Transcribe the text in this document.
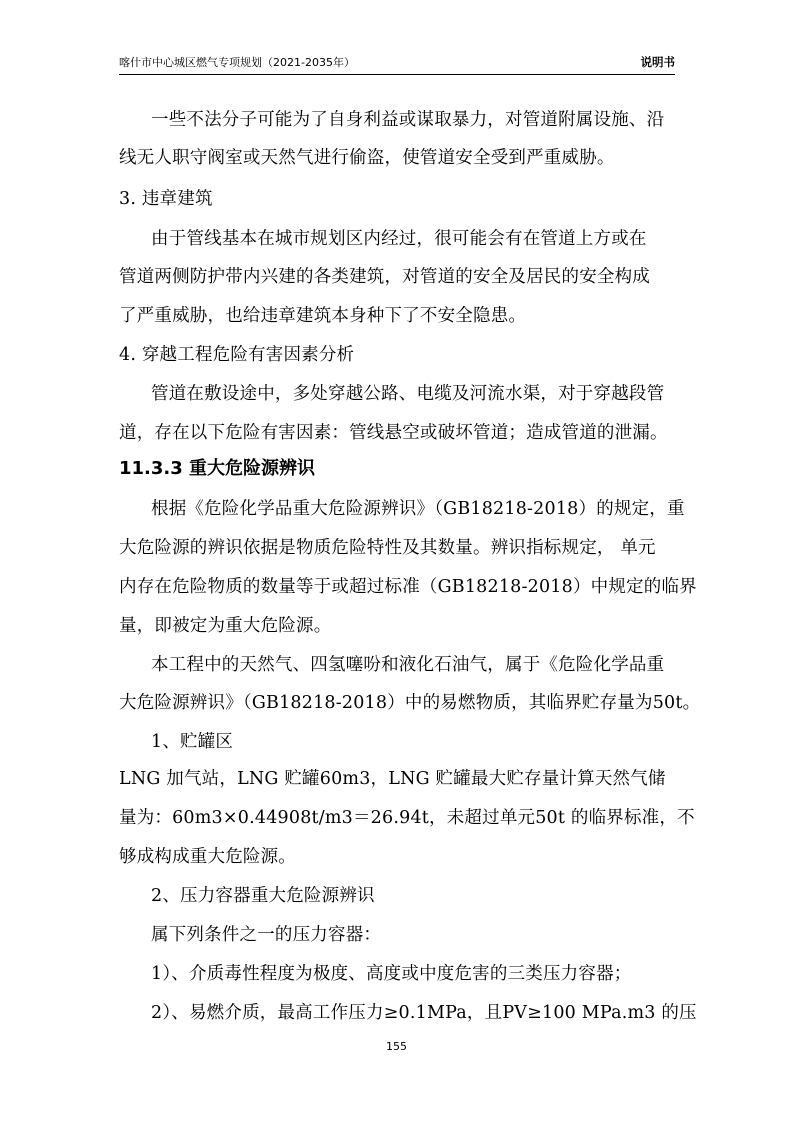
喀什市中心城区燃气专项规划（2021-2035年）	说明书
一些不法分子可能为了自身利益或谋取暴力，对管道附属设施、沿
线无人职守阀室或天然气进行偷盗，使管道安全受到严重威胁。
3. 违章建筑
由于管线基本在城市规划区内经过，很可能会有在管道上方或在
管道两侧防护带内兴建的各类建筑，对管道的安全及居民的安全构成
了严重威胁，也给违章建筑本身种下了不安全隐患。
4. 穿越工程危险有害因素分析
管道在敷设途中，多处穿越公路、电缆及河流水渠，对于穿越段管
道，存在以下危险有害因素：管线悬空或破坏管道；造成管道的泄漏。
11.3.3 重大危险源辨识
根据《危险化学品重大危险源辨识》（GB18218-2018）的规定，重
大危险源的辨识依据是物质危险特性及其数量。辨识指标规定， 单元
内存在危险物质的数量等于或超过标准（GB18218-2018）中规定的临界
量，即被定为重大危险源。
本工程中的天然气、四氢噻吩和液化石油气，属于《危险化学品重
大危险源辨识》（GB18218-2018）中的易燃物质，其临界贮存量为50t。
1、贮罐区
LNG 加气站，LNG 贮罐60m3，LNG 贮罐最大贮存量计算天然气储
量为：60m3×0.44908t/m3＝26.94t，未超过单元50t 的临界标准，不
够成构成重大危险源。
2、压力容器重大危险源辨识
属下列条件之一的压力容器：
1）、介质毒性程度为极度、高度或中度危害的三类压力容器；
2）、易燃介质，最高工作压力≥0.1MPa，且PV≥100 MPa.m3 的压
155
